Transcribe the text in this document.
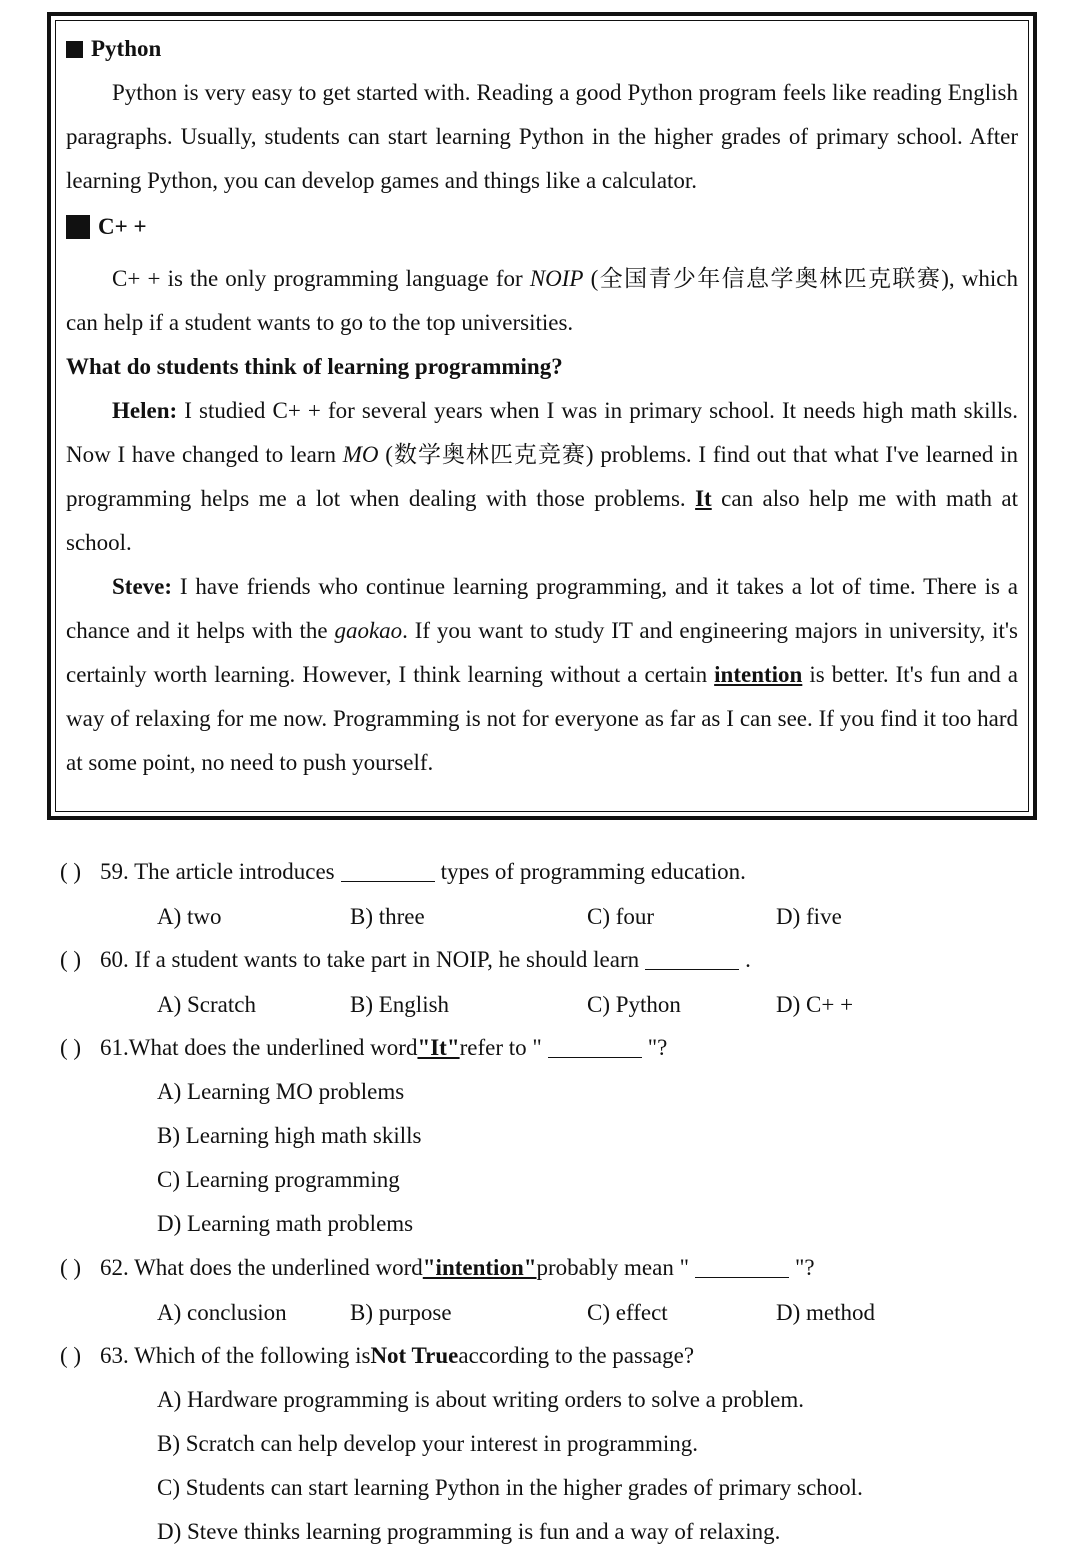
Python

Python is very easy to get started with. Reading a good Python program feels like reading English paragraphs. Usually, students can start learning Python in the higher grades of primary school. After learning Python, you can develop games and things like a calculator.

C+ +

C+ + is the only programming language for NOIP (全国青少年信息学奥林匹克联赛), which can help if a student wants to go to the top universities.

What do students think of learning programming?

Helen: I studied C+ + for several years when I was in primary school. It needs high math skills. Now I have changed to learn MO (数学奥林匹克竞赛) problems. I find out that what I've learned in programming helps me a lot when dealing with those problems. It can also help me with math at school.

Steve: I have friends who continue learning programming, and it takes a lot of time. There is a chance and it helps with the gaokao. If you want to study IT and engineering majors in university, it's certainly worth learning. However, I think learning without a certain intention is better. It's fun and a way of relaxing for me now. Programming is not for everyone as far as I can see. If you find it too hard at some point, no need to push yourself.

( ) 59. The article introduces	types of programming education.
A) two	B) three	C) four	D) five
( ) 60. If a student wants to take part in NOIP, he should learn	.
A) Scratch	B) English	C) Python	D) C+ +
( ) 61.What does the underlined word "It" refer to "	"?
A) Learning MO problems
B) Learning high math skills
C) Learning programming
D) Learning math problems
( ) 62. What does the underlined word "intention" probably mean "	"?
A) conclusion	B) purpose	C) effect	D) method
( ) 63. Which of the following is Not True according to the passage?
A) Hardware programming is about writing orders to solve a problem.
B) Scratch can help develop your interest in programming.
C) Students can start learning Python in the higher grades of primary school.
D) Steve thinks learning programming is fun and a way of relaxing.
